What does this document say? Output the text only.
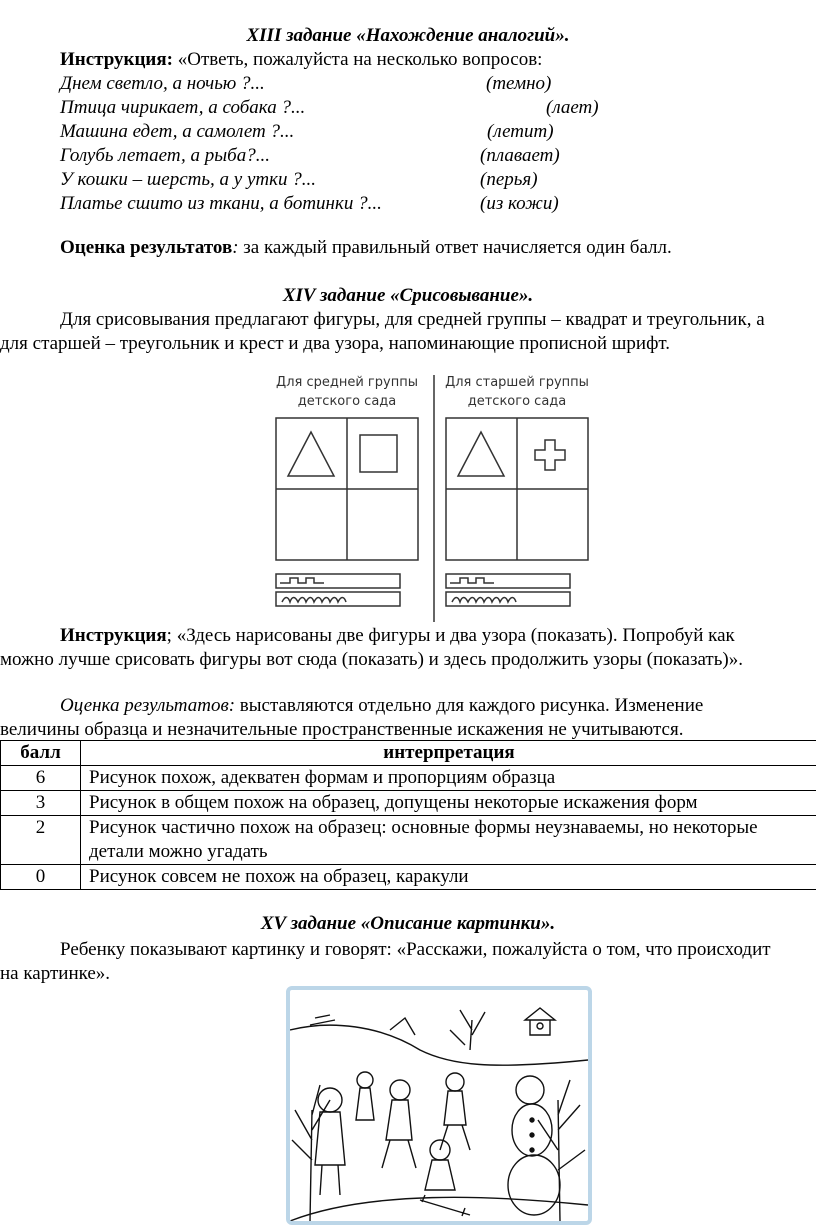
XIII задание «Нахождение аналогий».
Инструкция: «Ответь, пожалуйста на несколько вопросов:
Днем светло, а ночью ?...	(темно)
Птица чирикает, а собака ?...	(лает)
Машина едет, а самолет ?...	(летит)
Голубь летает, а рыба?...	(плавает)
У кошки – шерсть, а у утки ?...	(перья)
Платье сшито из ткани, а ботинки ?...	(из кожи)
Оценка результатов: за каждый правильный ответ начисляется один балл.
XIV задание «Срисовывание».
Для срисовывания предлагают фигуры, для средней группы – квадрат и треугольник, а
для старшей – треугольник и крест и два узора, напоминающие прописной шрифт.
Для средней группы
детского сада
Для старшей группы
детского сада
Инструкция; «Здесь нарисованы две фигуры и два узора (показать). Попробуй как
можно лучше срисовать фигуры вот сюда (показать) и здесь продолжить узоры (показать)».
Оценка результатов: выставляются отдельно для каждого рисунка. Изменение
величины образца и незначительные пространственные искажения не учитываются.
балл	интерпретация
6	Рисунок похож, адекватен формам и пропорциям образца
3	Рисунок в общем похож на образец, допущены некоторые искажения форм
2	Рисунок частично похож на образец: основные формы неузнаваемы, но некоторые детали можно угадать
0	Рисунок совсем не похож на образец, каракули
XV задание «Описание картинки».
Ребенку показывают картинку и говорят: «Расскажи, пожалуйста о том, что происходит
на картинке».
